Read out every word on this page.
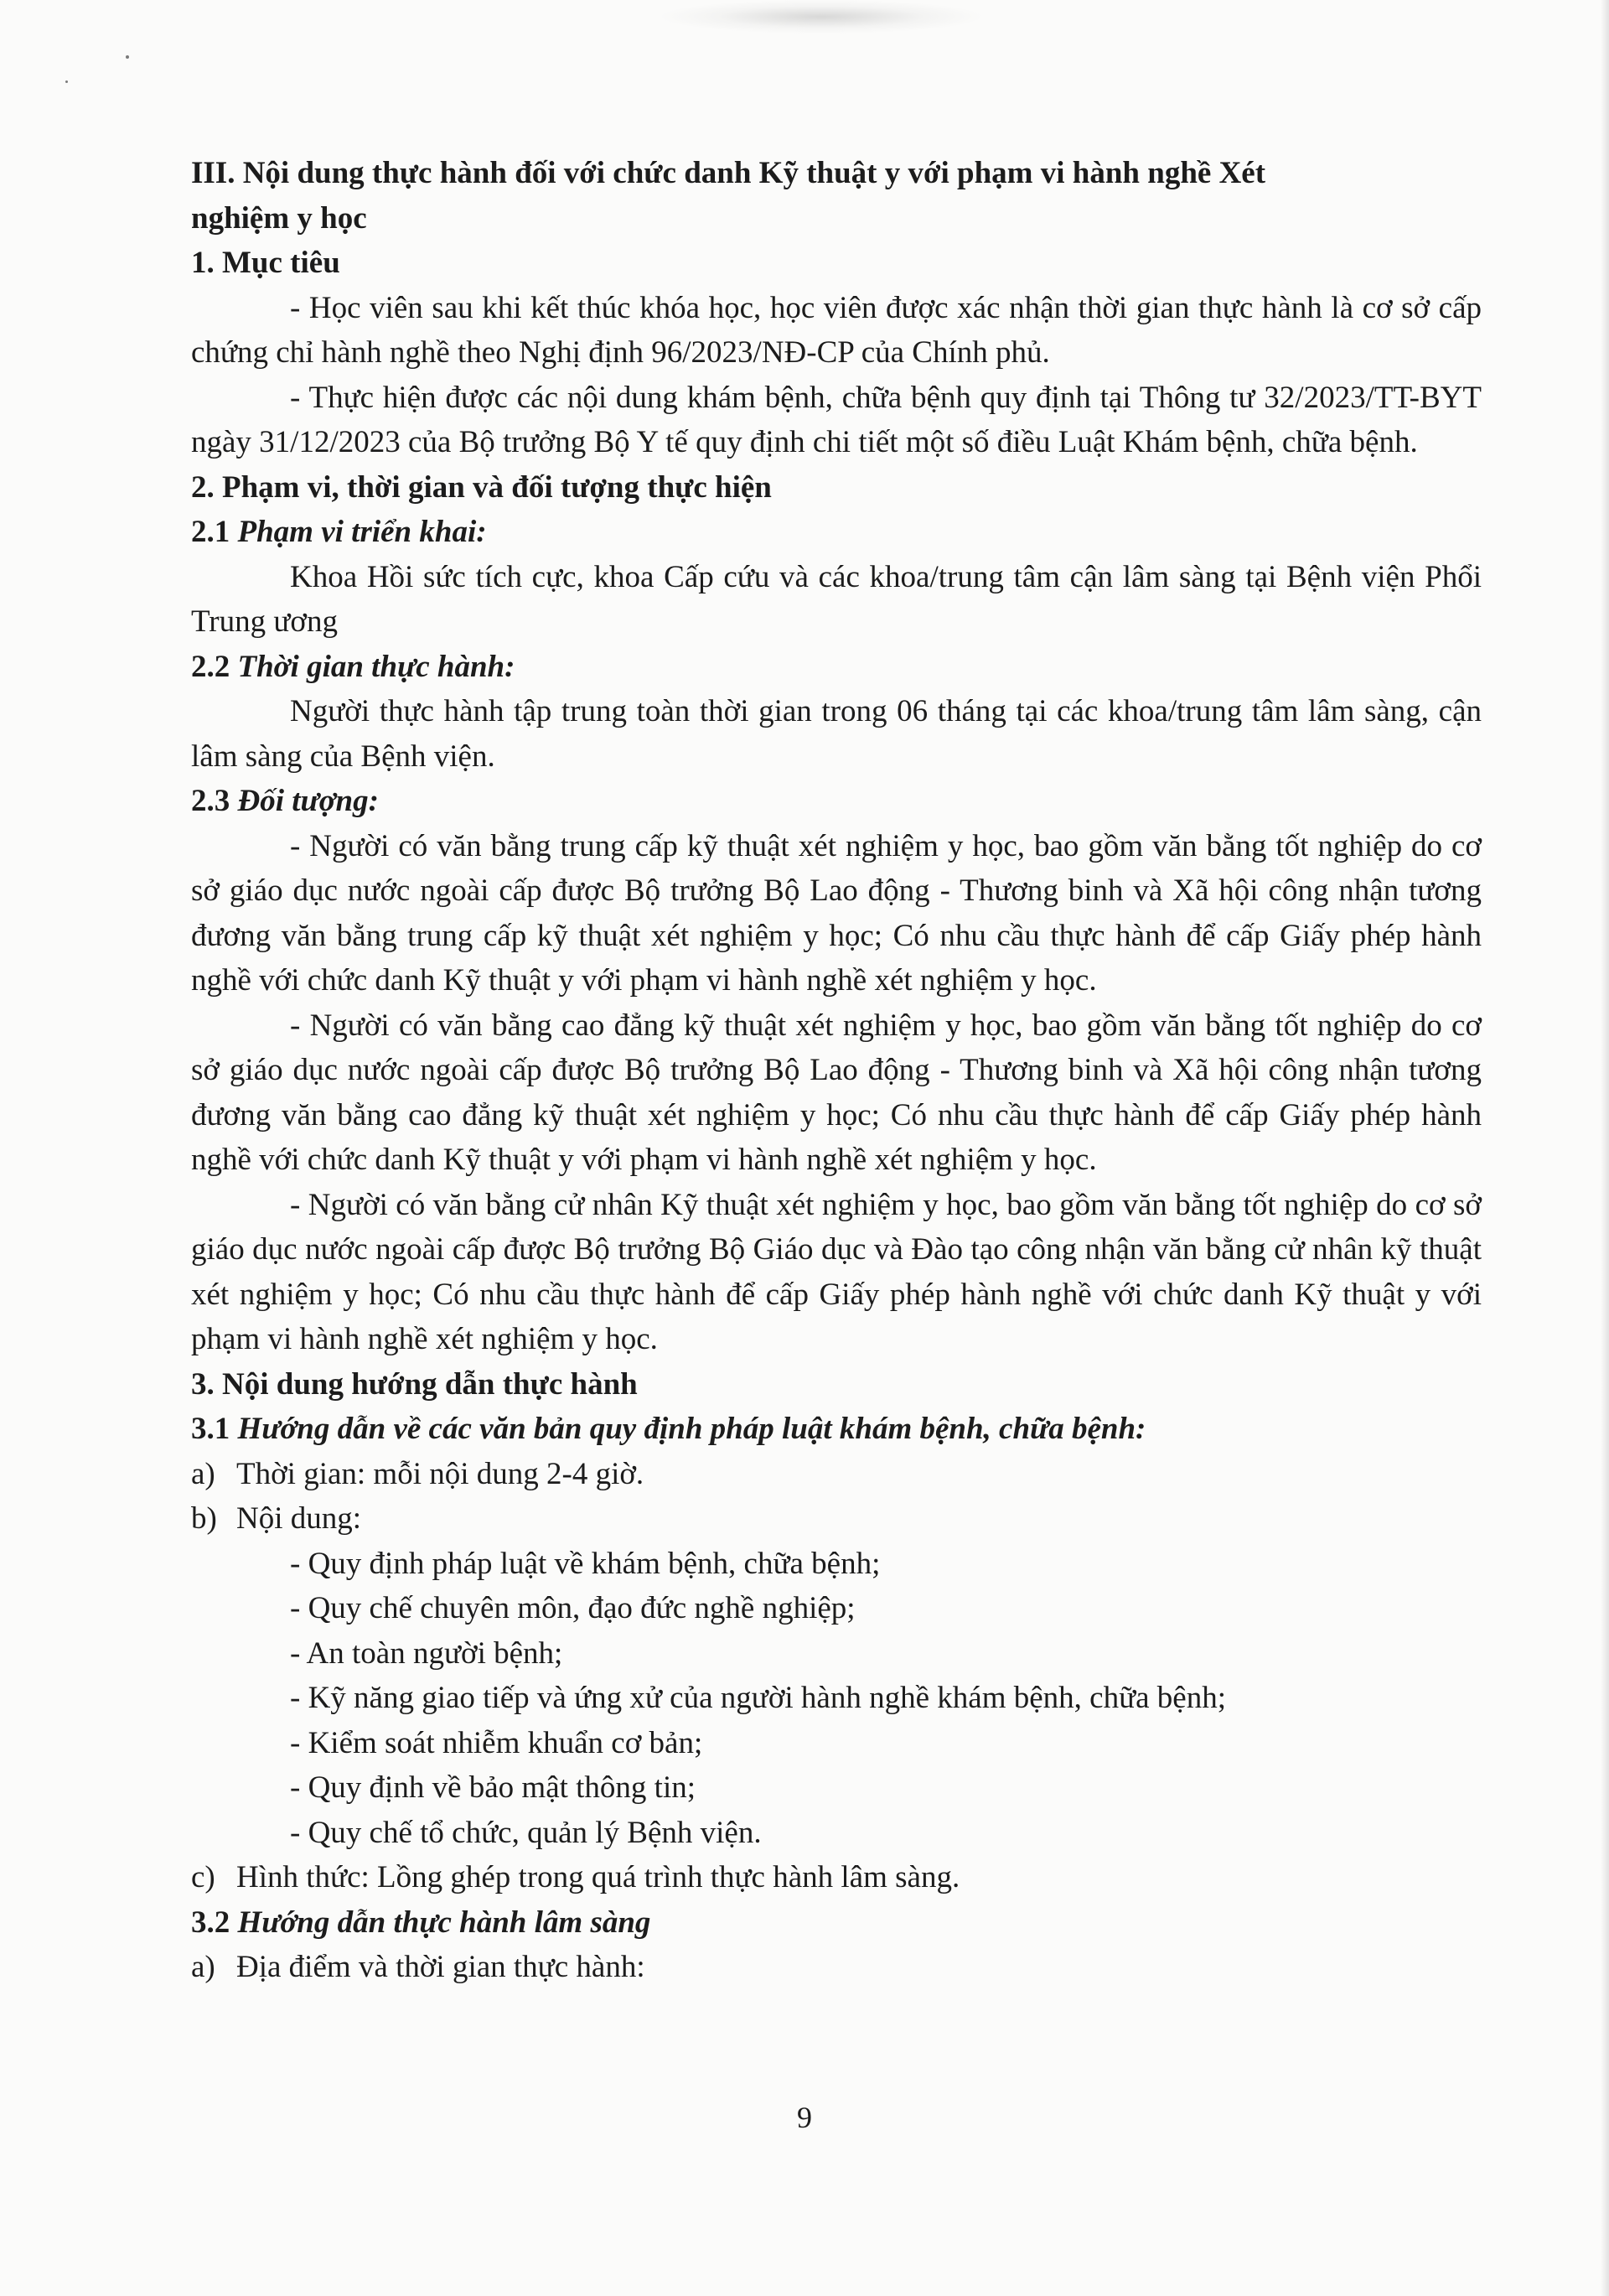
III. Nội dung thực hành đối với chức danh Kỹ thuật y với phạm vi hành nghề Xét
nghiệm y học

1. Mục tiêu

- Học viên sau khi kết thúc khóa học, học viên được xác nhận thời gian thực hành là cơ sở cấp chứng chỉ hành nghề theo Nghị định 96/2023/NĐ-CP của Chính phủ.

- Thực hiện được các nội dung khám bệnh, chữa bệnh quy định tại Thông tư 32/2023/TT-BYT ngày 31/12/2023 của Bộ trưởng Bộ Y tế quy định chi tiết một số điều Luật Khám bệnh, chữa bệnh.

2. Phạm vi, thời gian và đối tượng thực hiện

2.1 Phạm vi triển khai:

Khoa Hồi sức tích cực, khoa Cấp cứu và các khoa/trung tâm cận lâm sàng tại Bệnh viện Phổi Trung ương

2.2 Thời gian thực hành:

Người thực hành tập trung toàn thời gian trong 06 tháng tại các khoa/trung tâm lâm sàng, cận lâm sàng của Bệnh viện.

2.3 Đối tượng:

- Người có văn bằng trung cấp kỹ thuật xét nghiệm y học, bao gồm văn bằng tốt nghiệp do cơ sở giáo dục nước ngoài cấp được Bộ trưởng Bộ Lao động - Thương binh và Xã hội công nhận tương đương văn bằng trung cấp kỹ thuật xét nghiệm y học; Có nhu cầu thực hành để cấp Giấy phép hành nghề với chức danh Kỹ thuật y với phạm vi hành nghề xét nghiệm y học.

- Người có văn bằng cao đẳng kỹ thuật xét nghiệm y học, bao gồm văn bằng tốt nghiệp do cơ sở giáo dục nước ngoài cấp được Bộ trưởng Bộ Lao động - Thương binh và Xã hội công nhận tương đương văn bằng cao đẳng kỹ thuật xét nghiệm y học; Có nhu cầu thực hành để cấp Giấy phép hành nghề với chức danh Kỹ thuật y với phạm vi hành nghề xét nghiệm y học.

- Người có văn bằng cử nhân Kỹ thuật xét nghiệm y học, bao gồm văn bằng tốt nghiệp do cơ sở giáo dục nước ngoài cấp được Bộ trưởng Bộ Giáo dục và Đào tạo công nhận văn bằng cử nhân kỹ thuật xét nghiệm y học; Có nhu cầu thực hành để cấp Giấy phép hành nghề với chức danh Kỹ thuật y với phạm vi hành nghề xét nghiệm y học.

3. Nội dung hướng dẫn thực hành

3.1 Hướng dẫn về các văn bản quy định pháp luật khám bệnh, chữa bệnh:

a) Thời gian: mỗi nội dung 2-4 giờ.

b) Nội dung:

- Quy định pháp luật về khám bệnh, chữa bệnh;

- Quy chế chuyên môn, đạo đức nghề nghiệp;

- An toàn người bệnh;

- Kỹ năng giao tiếp và ứng xử của người hành nghề khám bệnh, chữa bệnh;

- Kiểm soát nhiễm khuẩn cơ bản;

- Quy định về bảo mật thông tin;

- Quy chế tổ chức, quản lý Bệnh viện.

c) Hình thức: Lồng ghép trong quá trình thực hành lâm sàng.

3.2 Hướng dẫn thực hành lâm sàng

a) Địa điểm và thời gian thực hành:

9
